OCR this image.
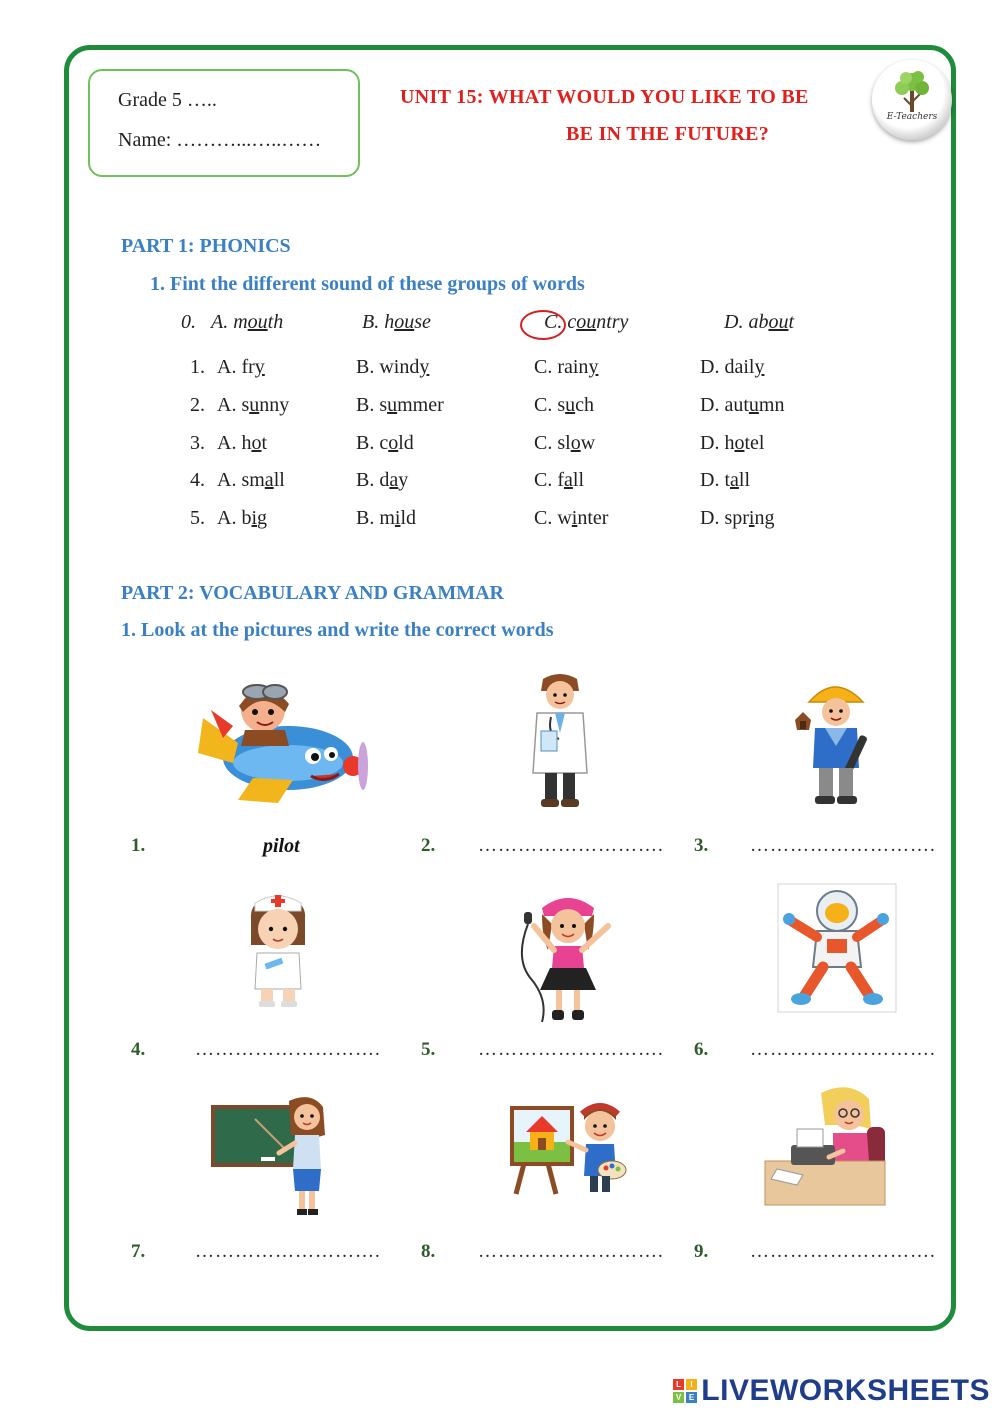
Grade 5 …..
Name: ………...…..……
UNIT 15: WHAT WOULD YOU LIKE TO BE
BE IN THE FUTURE?
E-Teachers
PART 1: PHONICS
1. Fint the different sound of these groups of words
0. A. mouth	B. house	C. country	D. about
1. A. fry	B. windy	C. rainy	D. daily
2. A. sunny	B. summer	C. such	D. autumn
3. A. hot	B. cold	C. slow	D. hotel
4. A. small	B. day	C. fall	D. tall
5. A. big	B. mild	C. winter	D. spring
PART 2: VOCABULARY AND GRAMMAR
1. Look at the pictures and write the correct words
1.	pilot	2. ………………………. 3. ……………………….
4.	………………………. 5. ………………………. 6. ……………………….
7.	………………………. 8. ………………………. 9. ……………………….
L	I
V E LIVEWORKSHEETS
